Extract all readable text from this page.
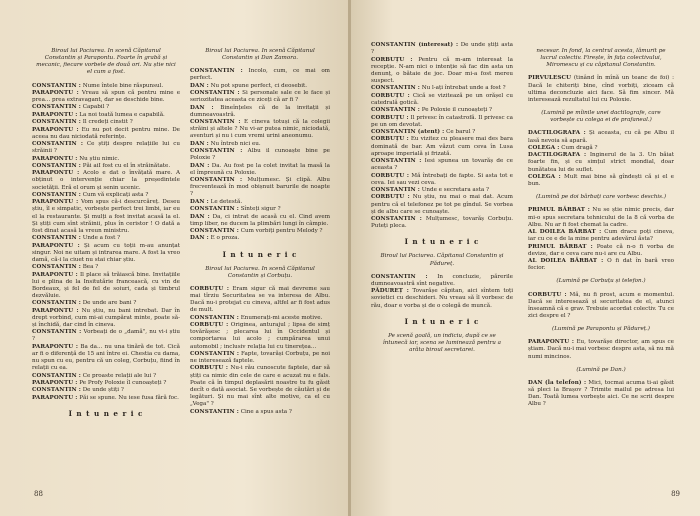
Biroul lui Paciurea. In scenă Căpitanul Constantin și Parapontu. Foarte în grabă și mecanic, fiecare vorbele de două ori. Nu știe nici el cum a fost.

CONSTANTIN : Nume întele bine răspunsul.

PARAPONTU : Vreau să spun că pentru mine e prea... prea extravagant, dar se deschide bine.

CONSTANTIN : Capabil ?

PARAPONTU : La noi toată lumea e capabilă.

CONSTANTIN : Il credeți cinstit ?

PARAPONTU : Eu nu pot decit pentru mine. De aceea nu dau niciodată referințe.

CONSTANTIN : Ce știți despre relațiile lui cu străinii ?

PARAPONTU : Nu știu nimic.

CONSTANTIN : Păi aiI fost cu el în străinătate.

PARAPONTU : Acolo e dat o învățată mare. A obținut o intervenție chiar la președintele societății. Eră el orum și senin ucenic.

CONSTANTIN : Cum vă explicați asta ?

PARAPONTU : Vom spus că-i descurcăreț. Deseu știu, îl e simpatic, vorbește perfect trei limbi, iar eu el la restaurante. Și mulți a fost invitat acasă la el. Și știți cum sînt străinii, plus în ceristor ! O dată a fost dinat acasă la vreun ministru.

CONSTANTIN : Unde a fost ?

PARAPONTU : Și acum cu toții m-au anunțat singur. Noi ne uitam și intrarea mare. A fost la vreo damă, că-i la ciuet nu stai chiar știu.

CONSTANTIN : Bea ?

PARAPONTU : Il place să trăiască bine. Invitațiile lui e plina de la Insitutărie francească, cu vin de Bordeaux, și fel de fel de soiuri, cada și timbrul dezvăluie.

CONSTANTIN : De unde are bani ?

PARAPONTU : Nu știu, nu bani intrebat. Dar în drept vorbind, cum mi-ai cumpărat minte, poate să-și închidă, dar cind în cineva.

CONSTANTIN : Vorbeați de o „damă", nu vi-i știu ?

PARAPONTU : Ba da... nu una tinără de tot. Cică ar fi o diferență de 15 ani între ei. Chestia cu dama, nu spun cu eu, pentru că un coleg, Corbuțu, fiind în relații cu ea.

CONSTANTIN : Ce proaste relații ale lui ?

PARAPONTU : Pe Profy Poloxie îl cunoașteți ?

CONSTANTIN : De unde știți ?

PARAPONTU : Păi se spune. Nu iese fusa fără foc.

I n t u n e r i c

Biroul lui Paciurea. In scenă Căpitanul Constantin și Dan Zamora.

CONSTANTIN : Incolo, cum, ce mai om perfect.

DAN : Nu pot spune perfect, ci deosebit.

CONSTANTIN : Si personale sale ce le face și seriozitatea aceasta ce ziceți că ar fi ?

DAN : Bineînțeles că de la invitații și dumneavoastră.

CONSTANTIN : E cineva totuși că la colegii străini și altele ? Nu vi-ar putea nimic, niciodată, aventuri și nu i cum vremi urini aneonumu.

DAN : Nu întreb nici eu.

CONSTANTIN : Albu il cunoaște bine pe Poloxie ?

DAN : Da. Au fost pe la colet invitat la masă la el împreună cu Poloxie.

CONSTANTIN : Mulțumesc. Și clipă. Albu frecventează în mod obișnuit barurile de noapte ?

DAN : Le detestă.

CONSTANTIN : Sînteți sigur ?

DAN : Da, ci intrat de acasă cu el. Cind avem timp liber, ne ducem la plimbări lungi în câmpie.

CONSTANTIN : Cum vorbiți pentru Melody ?

DAN : E o proza.

I n t u n e r i c

Biroul lui Paciurea. In scenă Căpitanul Constantin și Corbuțu.

CORBUȚU : Eram sigur că mai devreme sau mai tîrziu Securitatea se va interesa de Albu. Dacă nu-i protejat cu cineva, altfel ar fi fost adus de mult.

CONSTANTIN : Enumerați-mi aceste motive.

CORBUȚU : Originea, anturajul ; lipsa de simț tovărășesc ; plecarea lui în Occidentul și comportarea lui acolo ; cumpărarea unui automobil ; inclusiv relația lui cu tinerețea...

CONSTANTIN : Fapte, tovarăși Corbuțu, pe noi ne interesează faptele.

CORBUȚU : Nu-i rău cunoscute faptele, dar să știți ca nimic din cele de care e acuzat nu e fals. Poate că în timpul deplasării noastre tu fu găsit decît o dată asociat. Se vorbește de căutări și de legături. Și nu mai sînt alte motive, ca el cu „Vega" ?

CONSTANTIN : Cine a spus asta ?

88

CONSTANTIN (interesat) : De unde știți asta ?

CORBUȚU : Pentru că m-am interesat la recepție. N-am nici o intenție să fac din asta un denunț, o bătaie de joc. Doar mi-a fost mereu suspect.

CONSTANTIN : Nu l-ați întrebat unde a fost ?

CORBUȚU : Cică se vizitează pe un orășel cu catedrală gotică.

CONSTANTIN : Pe Poloxie il cunoașteți ?

CORBUȚU : Il privesc în catastrofă. Il privesc ca pe un om devotat.

CONSTANTIN (atent) : Ce barul ?

CORBUȚU : Eu vizitez cu pleasere mai des bara dominată de bar. Am văzut cum ceva în Lusa aproape imperială și frizată.

CONSTANTIN : Iesi spunea un tovarăș de ce aceasta ?

CORBUȚU : Mă întrebați de fapte. Si asta tot e ceva. Iei sau vezi ceva.

CONSTANTIN : Unde e secretara asta ?

CORBUȚU : Nu știu, nu mai o mai dat. Acum pentru că el telefonez pe tot pe gîndul. Se vorbea și de albu care se cunoaște.

CONSTANTIN : Mulțumesc, tovarăș Corbuțu. Puteți pleca.

I n t u n e r i c

Biroul lui Paciurea. Căpitanul Constantin și Pădureț.

CONSTANTIN : In concluzie, părerile dumneavoastră sînt negative.

PĂDUREȚ : Tovarășe căpitan, aici sîntem toți sovietici cu deschideri. Nu vreau să îl vorbesc de rău, doar e vorba și de o colegă de muncă.

I n t u n e r i c

Pe scenă goală, un indiciu, după ce se întunecă iar, scena se luminează pentru a arăta biroul secretarei.

necesar. In fond, la centrul acesta, lămurit pe lucrul colectiv. Firește, în fața colectivului, Miromescu și cu căpitanul Constantin.

PIRVULESCU (tinând în mînă un teanc de foi) : Dacă le chiteriți bine, cînd vorbiți, ziceam că ultima deconcluzie aici face. Să fim sincer. Mă interesează rezultatul lui cu Poloxie.

(Lumină pe mîinile unei dactilografe, care vorbește cu colega ei de prafaneal.)

DACTILOGRAFA : Și aceasta, cu că pe Albu il lasă nevoia să apară.

COLEGA : Cum dragă ?

DACTILOGRAFA : Inginerul de la 3. Un băiat foarte fin, și cu simțul strict mondial, doar bunătatea lui de suflet.

COLEGA : Mult mai bine să gîndești că și el e bun.

(Lumină pe doi bărbați care vorbesc deschis.)

PRIMUL BĂRBAT : Nu se știe nimic precis, dar mi-o spus secretara tehnicului de la 8 că vorba de Albu. Nu ar fi fost chemat la cadre.

AL DOILEA BĂRBAT : Cum dracu poți cineva, iar cu ce e de la mine pentru adevărul ăsta?

PRIMUL BĂRBAT : Poate că n-o fi vorba de devize, dar e ceva care nu-i are cu Albu.

AL DOILEA BĂRBAT : O fi dat în bară vreo fecior.

(Lumină pe Corbuțu și telefon.)

CORBUȚU : Mă, nu fi prost, acum e momentul. Dacă se interesează și securitatea de el, atunci înseamnă că e grav. Trebuie acordat colectiv. Tu ce zici despre el ?

(Lumină pe Parapontu și Pădureț.)

PARAPONTU : Eu, tovarășe director, am spus ce știam. Dacă nu-i mai vorbesc despre asta, să nu mă numi mincinos.

(Lumină pe Dan.)

DAN (la telefon) : Mici, tocmai acuma ti-ai găsit să pleci la Brașov ? Trimite mailul pe adresa lui Dan. Toată lumea vorbește aici. Ce ne scrii despre Albu ?

89
